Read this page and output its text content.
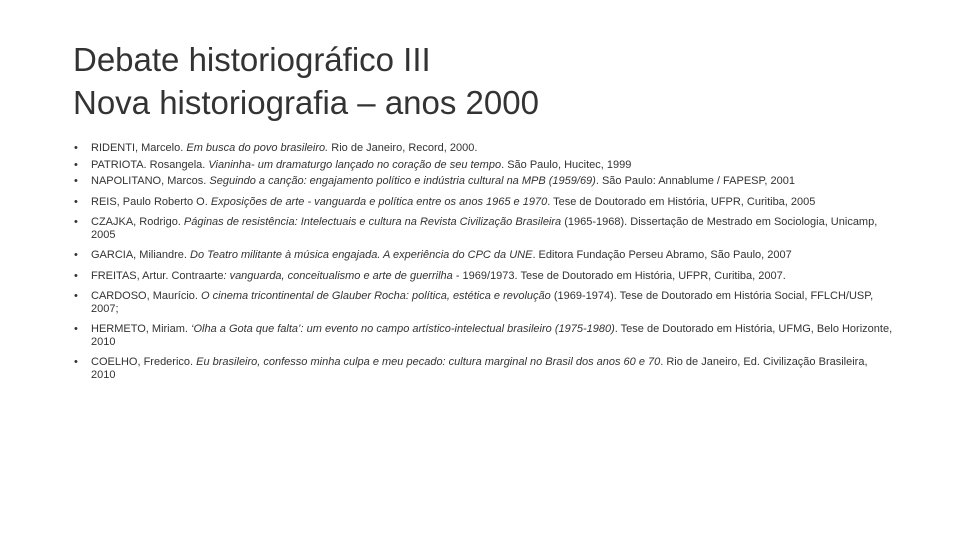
Debate historiográfico III
Nova historiografia – anos 2000
• RIDENTI, Marcelo. Em busca do povo brasileiro. Rio de Janeiro, Record, 2000.
• PATRIOTA. Rosangela. Vianinha- um dramaturgo lançado no coração de seu tempo. São Paulo, Hucitec, 1999
• NAPOLITANO, Marcos. Seguindo a canção: engajamento político e indústria cultural na MPB (1959/69). São Paulo: Annablume / FAPESP, 2001
• REIS, Paulo Roberto O. Exposições de arte - vanguarda e política entre os anos 1965 e 1970. Tese de Doutorado em História, UFPR, Curitiba, 2005
• CZAJKA, Rodrigo. Páginas de resistência: Intelectuais e cultura na Revista Civilização Brasileira (1965-1968). Dissertação de Mestrado em Sociologia, Unicamp, 2005
• GARCIA, Miliandre. Do Teatro militante à música engajada. A experiência do CPC da UNE. Editora Fundação Perseu Abramo, São Paulo, 2007
• FREITAS, Artur. Contraarte: vanguarda, conceitualismo e arte de guerrilha - 1969/1973. Tese de Doutorado em História, UFPR, Curitiba, 2007.
• CARDOSO, Maurício. O cinema tricontinental de Glauber Rocha: política, estética e revolução (1969-1974). Tese de Doutorado em História Social, FFLCH/USP, 2007;
• HERMETO, Miriam. ‘Olha a Gota que falta’: um evento no campo artístico-intelectual brasileiro (1975-1980). Tese de Doutorado em História, UFMG, Belo Horizonte, 2010
• COELHO, Frederico. Eu brasileiro, confesso minha culpa e meu pecado: cultura marginal no Brasil dos anos 60 e 70. Rio de Janeiro, Ed. Civilização Brasileira, 2010
